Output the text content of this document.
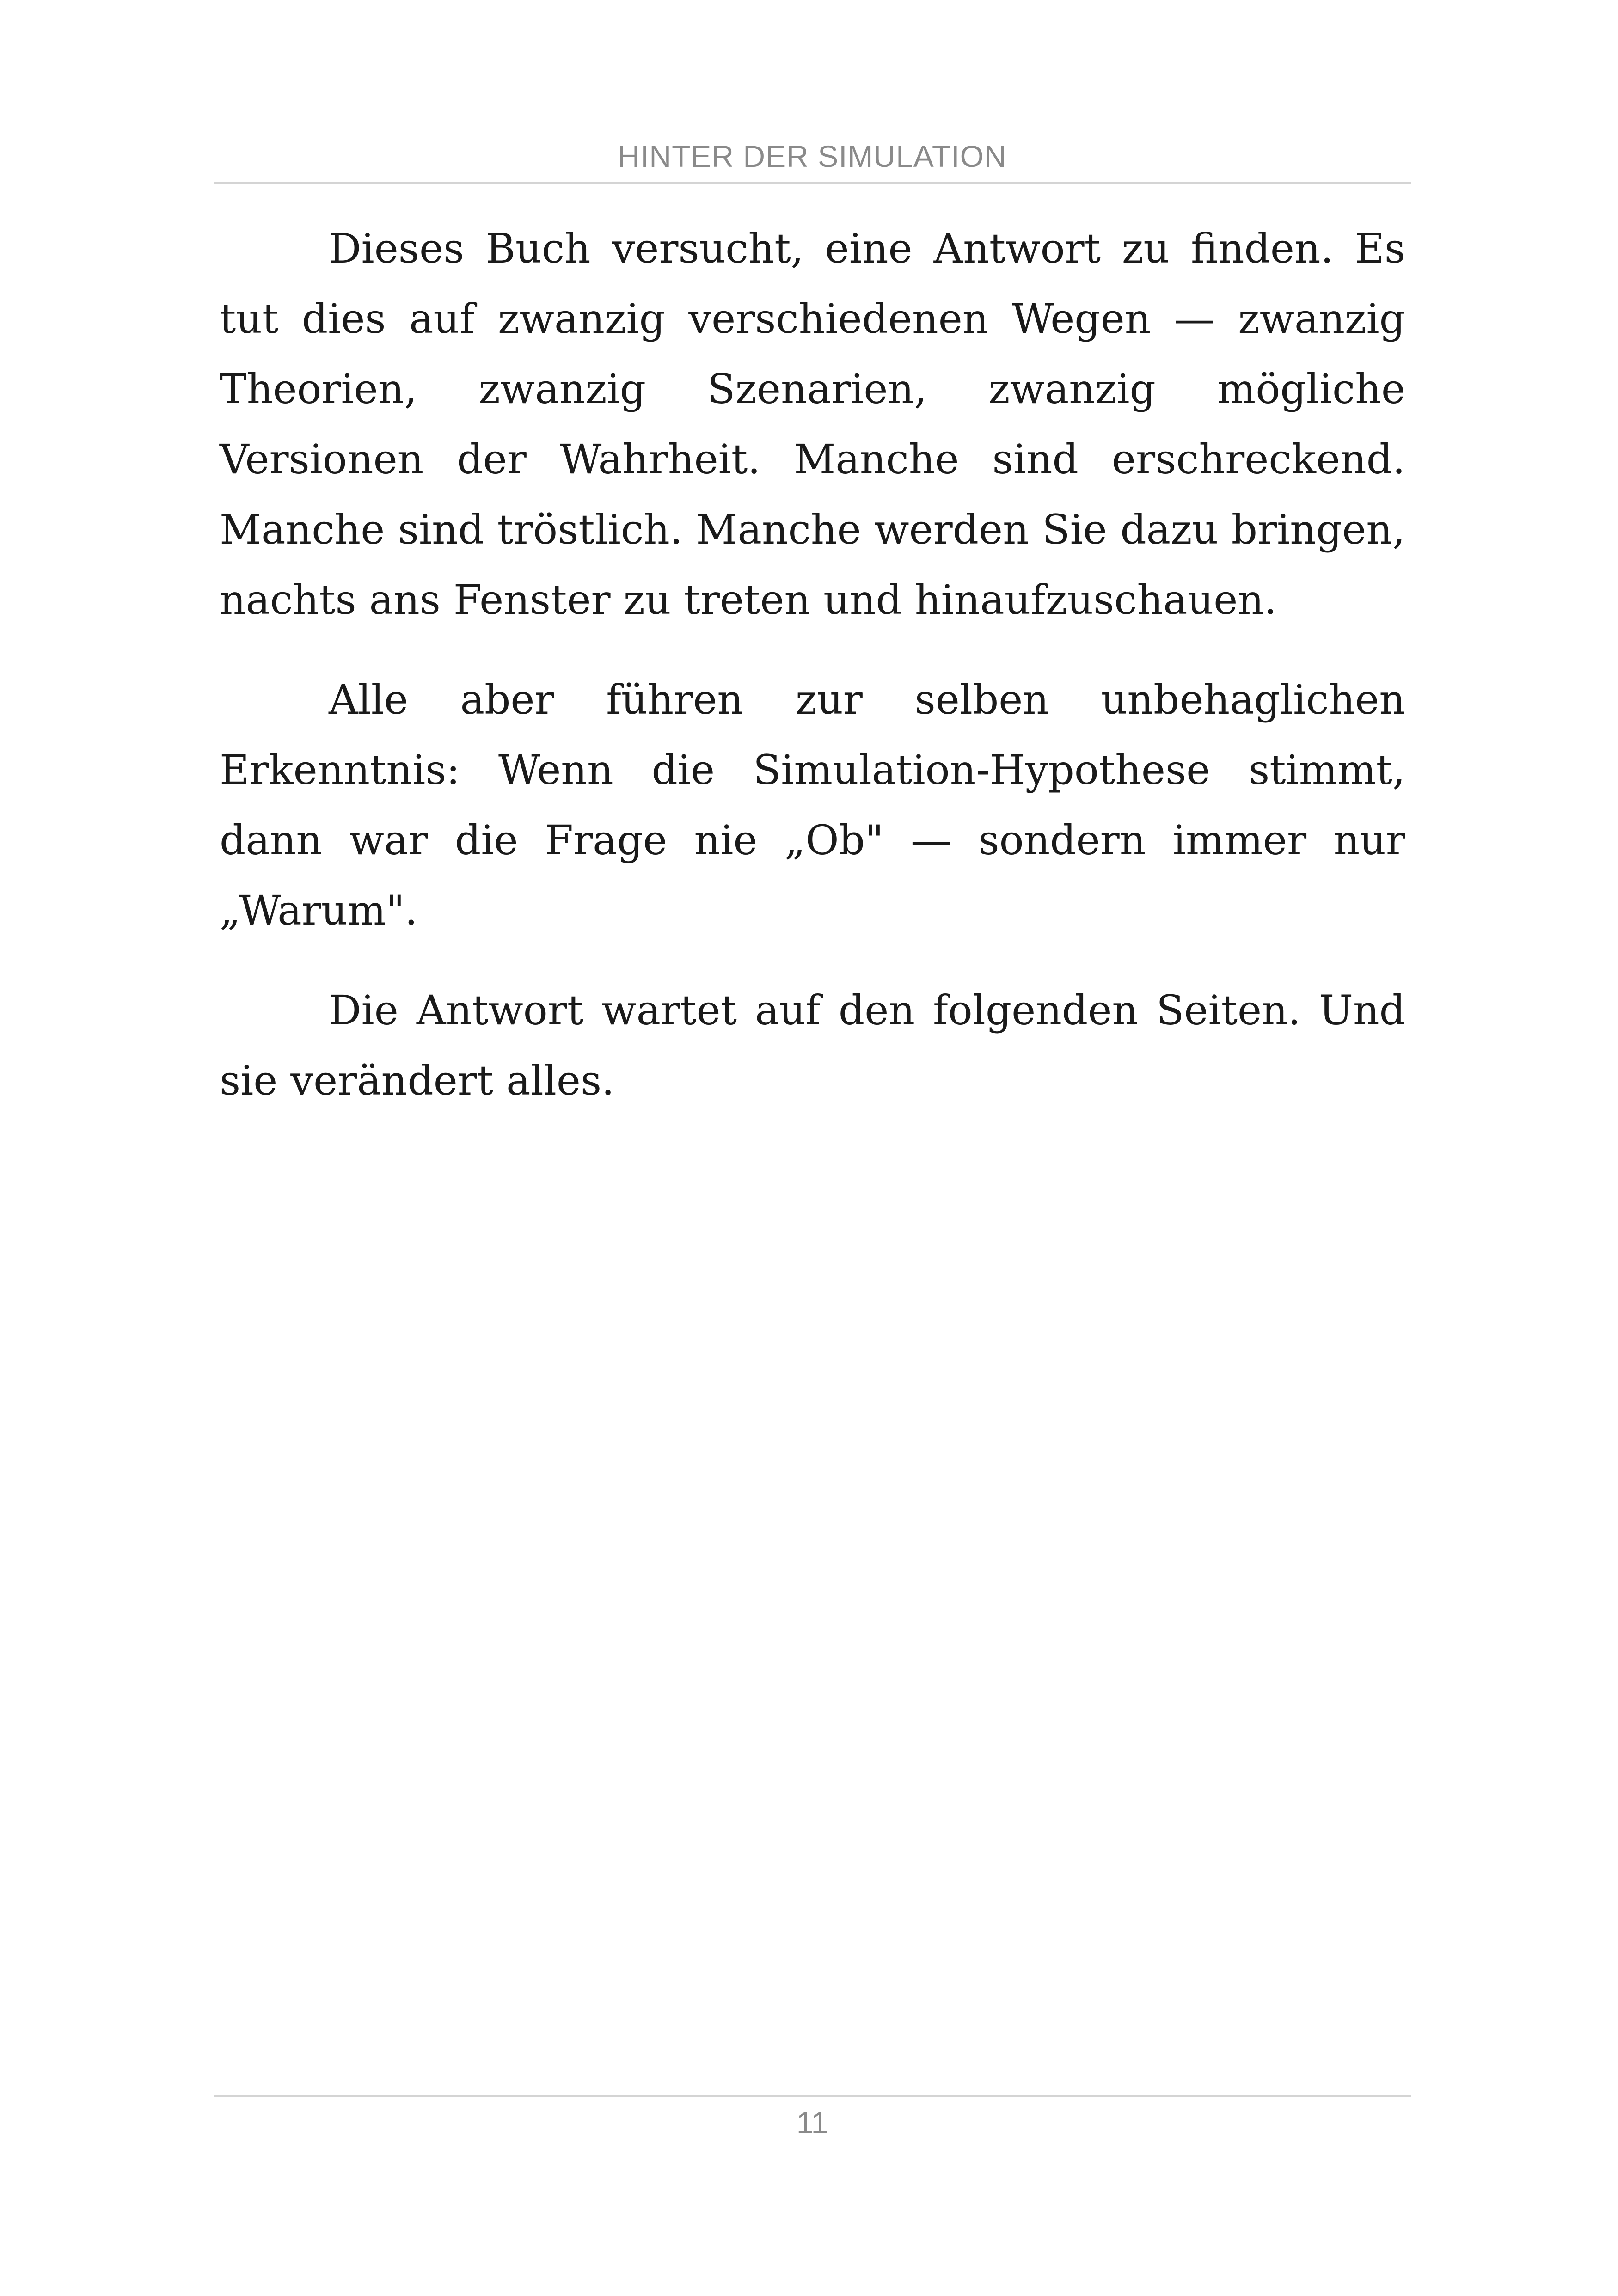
HINTER DER SIMULATION

Dieses Buch versucht, eine Antwort zu finden. Es tut dies auf zwanzig verschiedenen Wegen — zwanzig Theorien, zwanzig Szenarien, zwanzig mögliche Versionen der Wahrheit. Manche sind erschreckend. Manche sind tröstlich. Manche werden Sie dazu bringen, nachts ans Fenster zu treten und hinaufzuschauen.

Alle aber führen zur selben unbehaglichen Erkenntnis: Wenn die Simulation-Hypothese stimmt, dann war die Frage nie „Ob" — sondern immer nur „Warum".

Die Antwort wartet auf den folgenden Seiten. Und sie verändert alles.

11
